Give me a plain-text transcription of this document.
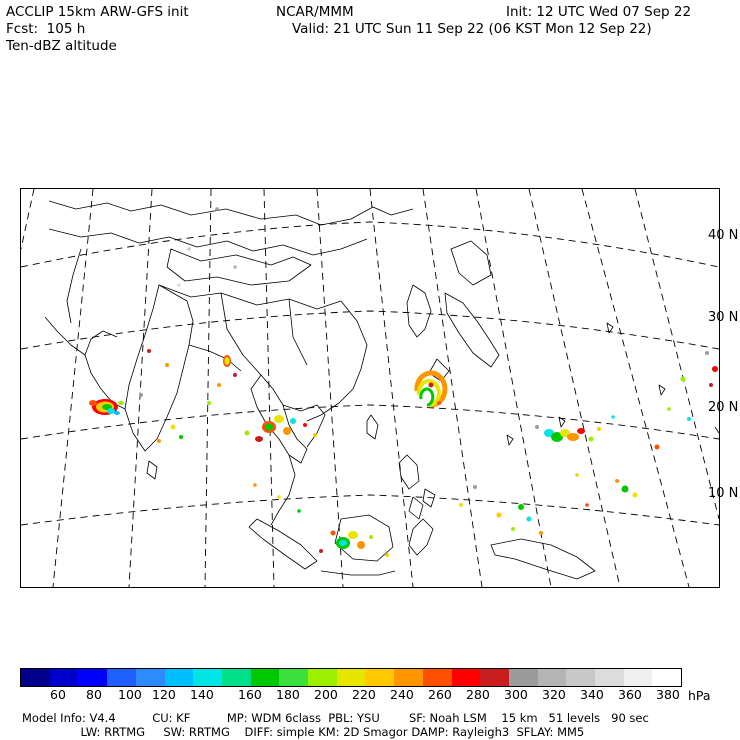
ACCLIP 15km ARW-GFS init
Fcst:  105 h
Ten-dBZ altitude
NCAR/MMM	Init: 12 UTC Wed 07 Sep 22
Valid: 21 UTC Sun 11 Sep 22 (06 KST Mon 12 Sep 22)
40 N
30 N
20 N
10 N
60 80 100 120 140 160 180 200 220 240 260 280 300 320 340 360 380 hPa
Model Info: V4.4          CU: KF          MP: WDM 6class  PBL: YSU        SF: Noah LSM    15 km   51 levels   90 sec
LW: RRTMG     SW: RRTMG    DIFF: simple KM: 2D Smagor DAMP: Rayleigh3  SFLAY: MM5
